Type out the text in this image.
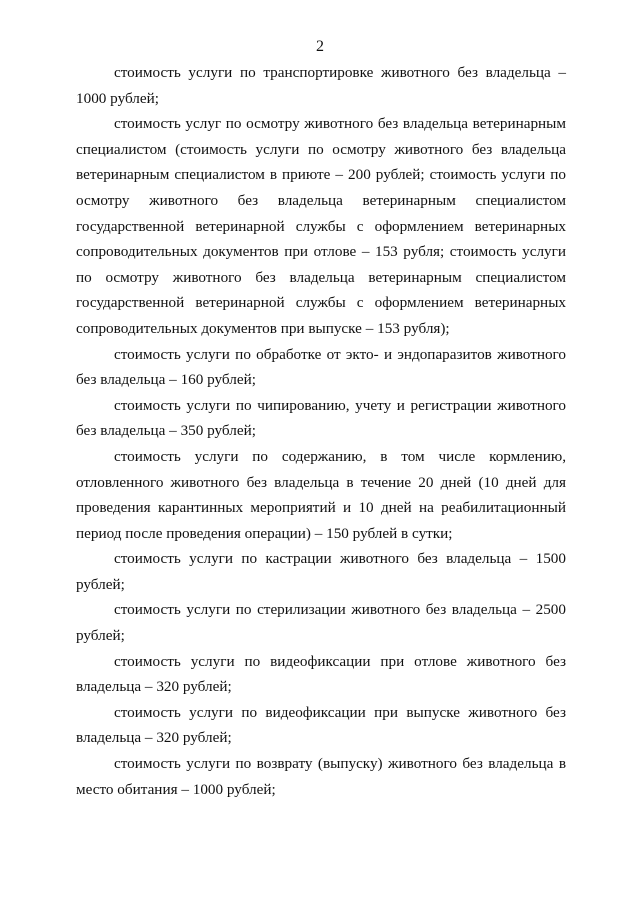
2

стоимость услуги по транспортировке животного без владельца – 1000 рублей;

стоимость услуг по осмотру животного без владельца ветеринарным специалистом (стоимость услуги по осмотру животного без владельца ветеринарным специалистом в приюте – 200 рублей; стоимость услуги по осмотру животного без владельца ветеринарным специалистом государственной ветеринарной службы с оформлением ветеринарных сопроводительных документов при отлове – 153 рубля; стоимость услуги по осмотру животного без владельца ветеринарным специалистом государственной ветеринарной службы с оформлением ветеринарных сопроводительных документов при выпуске – 153 рубля);

стоимость услуги по обработке от экто- и эндопаразитов животного без владельца – 160 рублей;

стоимость услуги по чипированию, учету и регистрации животного без владельца – 350 рублей;

стоимость услуги по содержанию, в том числе кормлению, отловленного животного без владельца в течение 20 дней (10 дней для проведения карантинных мероприятий и 10 дней на реабилитационный период после проведения операции) – 150 рублей в сутки;

стоимость услуги по кастрации животного без владельца – 1500 рублей;

стоимость услуги по стерилизации животного без владельца – 2500 рублей;

стоимость услуги по видеофиксации при отлове животного без владельца – 320 рублей;

стоимость услуги по видеофиксации при выпуске животного без владельца – 320 рублей;

стоимость услуги по возврату (выпуску) животного без владельца в место обитания – 1000 рублей;
